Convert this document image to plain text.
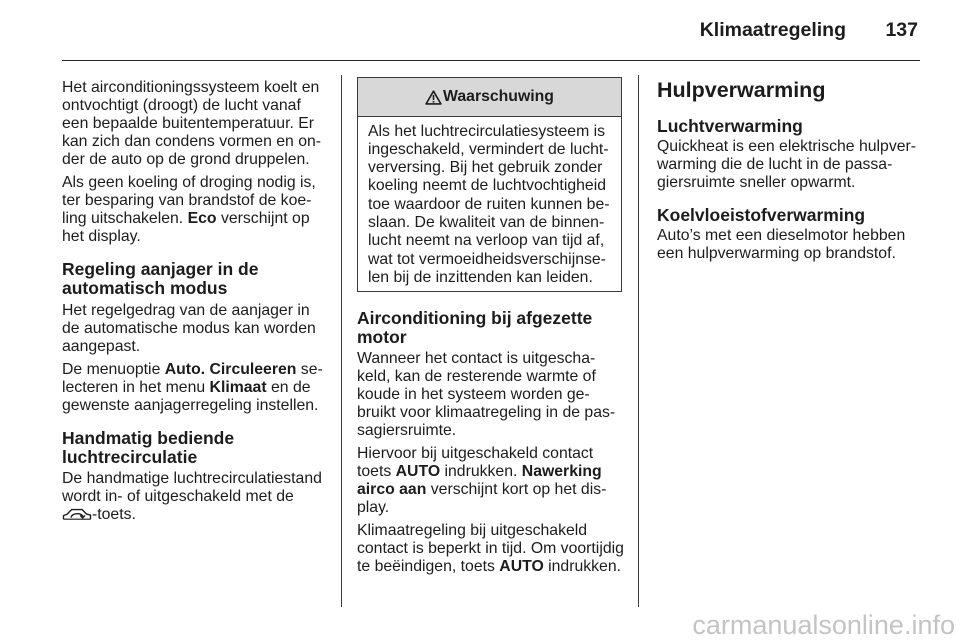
Klimaatregeling 137
Het airconditioningssysteem koelt en
ontvochtigt (droogt) de lucht vanaf
een bepaalde buitentemperatuur. Er
kan zich dan condens vormen en on-
der de auto op de grond druppelen.
Als geen koeling of droging nodig is,
ter besparing van brandstof de koe-
ling uitschakelen. Eco verschijnt op
het display.
Regeling aanjager in de
automatisch modus
Het regelgedrag van de aanjager in
de automatische modus kan worden
aangepast.
De menuoptie Auto. Circuleeren se-
lecteren in het menu Klimaat en de
gewenste aanjagerregeling instellen.
Handmatig bediende
luchtrecirculatie
De handmatige luchtrecirculatiestand
wordt in- of uitgeschakeld met de
-toets.
Waarschuwing
Als het luchtrecirculatiesysteem is
ingeschakeld, vermindert de lucht-
verversing. Bij het gebruik zonder
koeling neemt de luchtvochtigheid
toe waardoor de ruiten kunnen be-
slaan. De kwaliteit van de binnen-
lucht neemt na verloop van tijd af,
wat tot vermoeidheidsverschijnse-
len bij de inzittenden kan leiden.
Airconditioning bij afgezette
motor
Wanneer het contact is uitgescha-
keld, kan de resterende warmte of
koude in het systeem worden ge-
bruikt voor klimaatregeling in de pas-
sagiersruimte.
Hiervoor bij uitgeschakeld contact
toets AUTO indrukken. Nawerking
airco aan verschijnt kort op het dis-
play.
Klimaatregeling bij uitgeschakeld
contact is beperkt in tijd. Om voortijdig
te beëindigen, toets AUTO indrukken.
Hulpverwarming
Luchtverwarming
Quickheat is een elektrische hulpver-
warming die de lucht in de passa-
giersruimte sneller opwarmt.
Koelvloeistofverwarming
Auto’s met een dieselmotor hebben
een hulpverwarming op brandstof.
carmanualsonline.info
